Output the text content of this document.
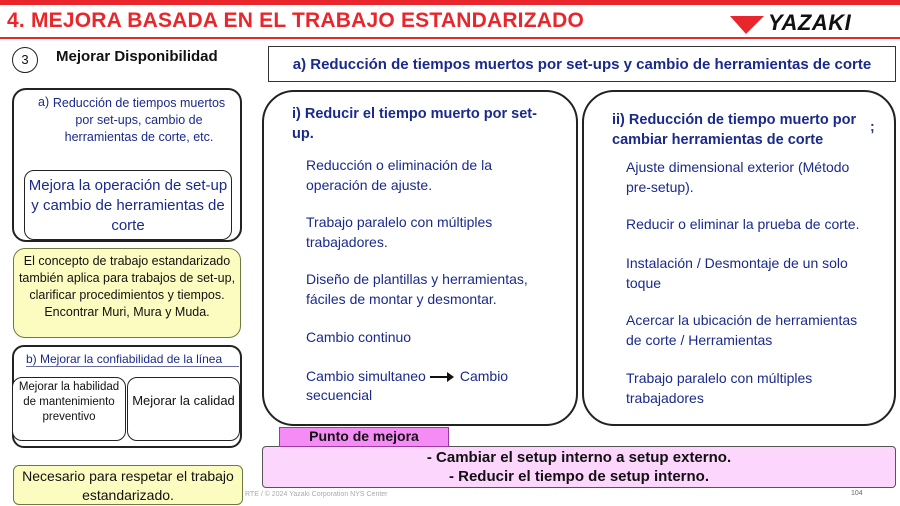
4. MEJORA BASADA EN EL TRABAJO ESTANDARIZADO	YAZAKI
3	Mejorar Disponibilidad	a) Reducción de tiempos muertos por set-ups y cambio de herramientas de corte
a) Reducción de tiempos muertos por set-ups, cambio de herramientas de corte, etc.
Mejora la operación de set-up y cambio de herramientas de corte
El concepto de trabajo estandarizado también aplica para trabajos de set-up, clarificar procedimientos y tiempos. Encontrar Muri, Mura y Muda.
b) Mejorar la confiabilidad de la línea
Mejorar la habilidad de mantenimiento preventivo
Mejorar la calidad
Necesario para respetar el trabajo estandarizado.
i) Reducir el tiempo muerto por set-up.
Reducción o eliminación de la operación de ajuste.
Trabajo paralelo con múltiples trabajadores.
Diseño de plantillas y herramientas, fáciles de montar y desmontar.
Cambio continuo
Cambio simultaneo Cambio
secuencial
ii) Reducción de tiempo muerto por cambiar herramientas de corte
;
Ajuste dimensional exterior (Método pre-setup).
Reducir o eliminar la prueba de corte.
Instalación / Desmontaje de un solo toque
Acercar la ubicación de herramientas de corte / Herramientas
Trabajo paralelo con múltiples trabajadores
- Cambiar el setup interno a setup externo.
- Reducir el tiempo de setup interno.
Punto de mejora
RTE / © 2024 Yazaki Corporation NYS Center	104
